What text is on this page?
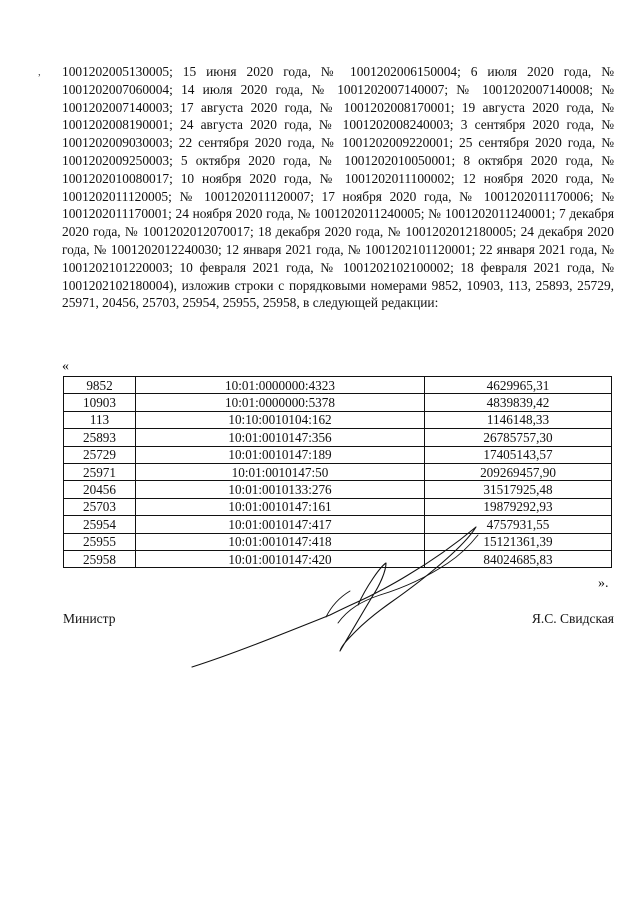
, 1001202005130005; 15 июня 2020 года, № 1001202006150004; 6 июля 2020 года, № 1001202007060004; 14 июля 2020 года, № 1001202007140007; № 1001202007140008; № 1001202007140003; 17 августа 2020 года, № 1001202008170001; 19 августа 2020 года, № 1001202008190001; 24 августа 2020 года, № 1001202008240003; 3 сентября 2020 года, № 1001202009030003; 22 сентября 2020 года, № 1001202009220001; 25 сентября 2020 года, № 1001202009250003; 5 октября 2020 года, № 1001202010050001; 8 октября 2020 года, № 1001202010080017; 10 ноября 2020 года, № 1001202011100002; 12 ноября 2020 года, № 1001202011120005; № 1001202011120007; 17 ноября 2020 года, № 1001202011170006; № 1001202011170001; 24 ноября 2020 года, № 1001202011240005; № 1001202011240001; 7 декабря 2020 года, № 1001202012070017; 18 декабря 2020 года, № 1001202012180005; 24 декабря 2020 года, № 1001202012240030; 12 января 2021 года, № 1001202101120001; 22 января 2021 года, № 1001202101220003; 10 февраля 2021 года, № 1001202102100002; 18 февраля 2021 года, № 1001202102180004), изложив строки с порядковыми номерами 9852, 10903, 113, 25893, 25729, 25971, 20456, 25703, 25954, 25955, 25958, в следующей редакции:

«
9852	10:01:0000000:4323	4629965,31
10903	10:01:0000000:5378	4839839,42
113	10:10:0010104:162	1146148,33
25893	10:01:0010147:356	26785757,30
25729	10:01:0010147:189	17405143,57
25971	10:01:0010147:50	209269457,90
20456	10:01:0010133:276	31517925,48
25703	10:01:0010147:161	19879292,93
25954	10:01:0010147:417	4757931,55
25955	10:01:0010147:418	15121361,39
25958	10:01:0010147:420	84024685,83
».
Министр	Я.С. Свидская
